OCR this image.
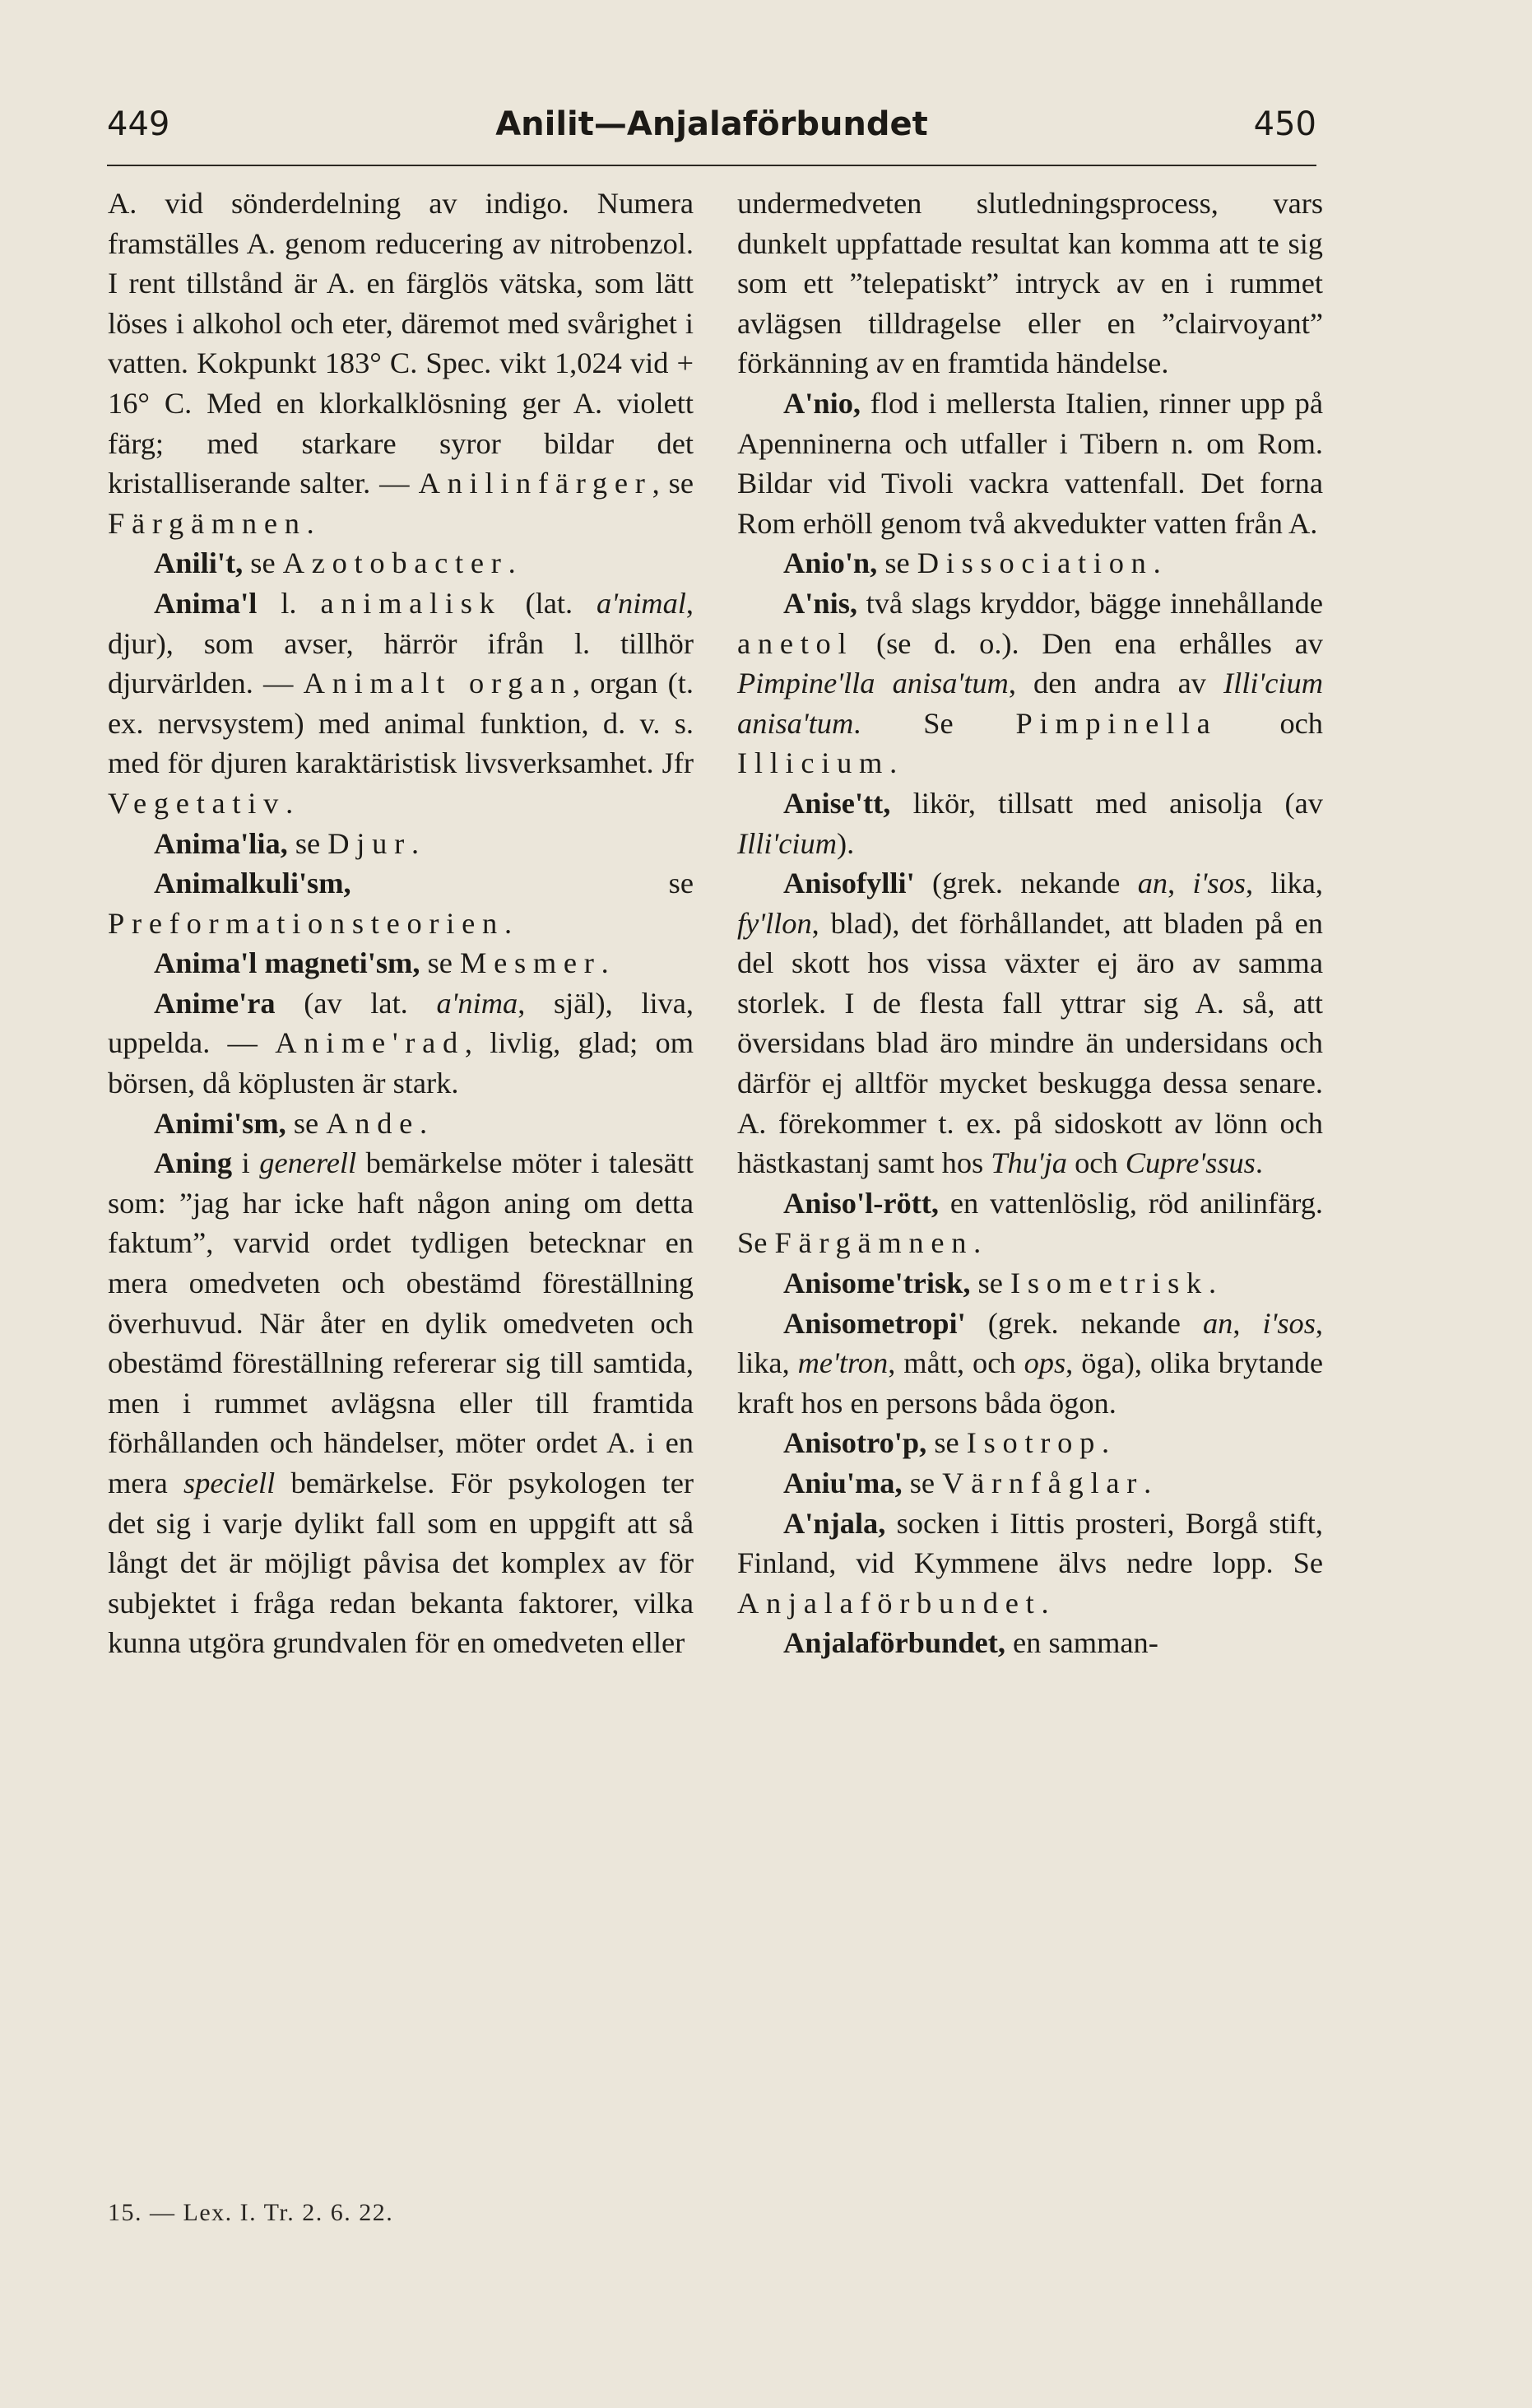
449	Anilit—Anjalaförbundet	450

A. vid sönderdelning av indigo. Numera framställes A. genom reducering av nitrobenzol. I rent tillstånd är A. en färglös vätska, som lätt löses i alkohol och eter, däremot med svårighet i vatten. Kokpunkt 183° C. Spec. vikt 1,024 vid + 16° C. Med en klorkalklösning ger A. violett färg; med starkare syror bildar det kristalliserande salter. — Anilinfärger, se Färgämnen.

Anili't, se Azotobacter.

Anima'l l. animalisk (lat. a'nimal, djur), som avser, härrör ifrån l. tillhör djurvärlden. — Animalt organ, organ (t. ex. nervsystem) med animal funktion, d. v. s. med för djuren karaktäristisk livsverksamhet. Jfr Vegetativ.

Anima'lia, se Djur.

Animalkuli'sm, se Preformationsteorien.

Anima'l magneti'sm, se Mesmer.

Anime'ra (av lat. a'nima, själ), liva, uppelda. — Anime'rad, livlig, glad; om börsen, då köplusten är stark.

Animi'sm, se Ande.

Aning i generell bemärkelse möter i talesätt som: ”jag har icke haft någon aning om detta faktum”, varvid ordet tydligen betecknar en mera omedveten och obestämd föreställning överhuvud. När åter en dylik omedveten och obestämd föreställning refererar sig till samtida, men i rummet avlägsna eller till framtida förhållanden och händelser, möter ordet A. i en mera speciell bemärkelse. För psykologen ter det sig i varje dylikt fall som en uppgift att så långt det är möjligt påvisa det komplex av för subjektet i fråga redan bekanta faktorer, vilka kunna utgöra grundvalen för en omedveten eller

undermedveten slutledningsprocess, vars dunkelt uppfattade resultat kan komma att te sig som ett ”telepatiskt” intryck av en i rummet avlägsen tilldragelse eller en ”clairvoyant” förkänning av en framtida händelse.

A'nio, flod i mellersta Italien, rinner upp på Apenninerna och utfaller i Tibern n. om Rom. Bildar vid Tivoli vackra vattenfall. Det forna Rom erhöll genom två akvedukter vatten från A.

Anio'n, se Dissociation.

A'nis, två slags kryddor, bägge innehållande anetol (se d. o.). Den ena erhålles av Pimpine'lla anisa'tum, den andra av Illi'cium anisa'tum. Se Pimpinella och Illicium.

Anise'tt, likör, tillsatt med anisolja (av Illi'cium).

Anisofylli' (grek. nekande an, i'sos, lika, fy'llon, blad), det förhållandet, att bladen på en del skott hos vissa växter ej äro av samma storlek. I de flesta fall yttrar sig A. så, att översidans blad äro mindre än undersidans och därför ej alltför mycket beskugga dessa senare. A. förekommer t. ex. på sidoskott av lönn och hästkastanj samt hos Thu'ja och Cupre'ssus.

Aniso'l-rött, en vattenlöslig, röd anilinfärg. Se Färgämnen.

Anisome'trisk, se Isometrisk.

Anisometropi' (grek. nekande an, i'sos, lika, me'tron, mått, och ops, öga), olika brytande kraft hos en persons båda ögon.

Anisotro'p, se Isotrop.

Aniu'ma, se Värnfåglar.

A'njala, socken i Iittis prosteri, Borgå stift, Finland, vid Kymmene älvs nedre lopp. Se Anjalaförbundet.

Anjalaförbundet, en samman-

15. — Lex. I. Tr. 2. 6. 22.
